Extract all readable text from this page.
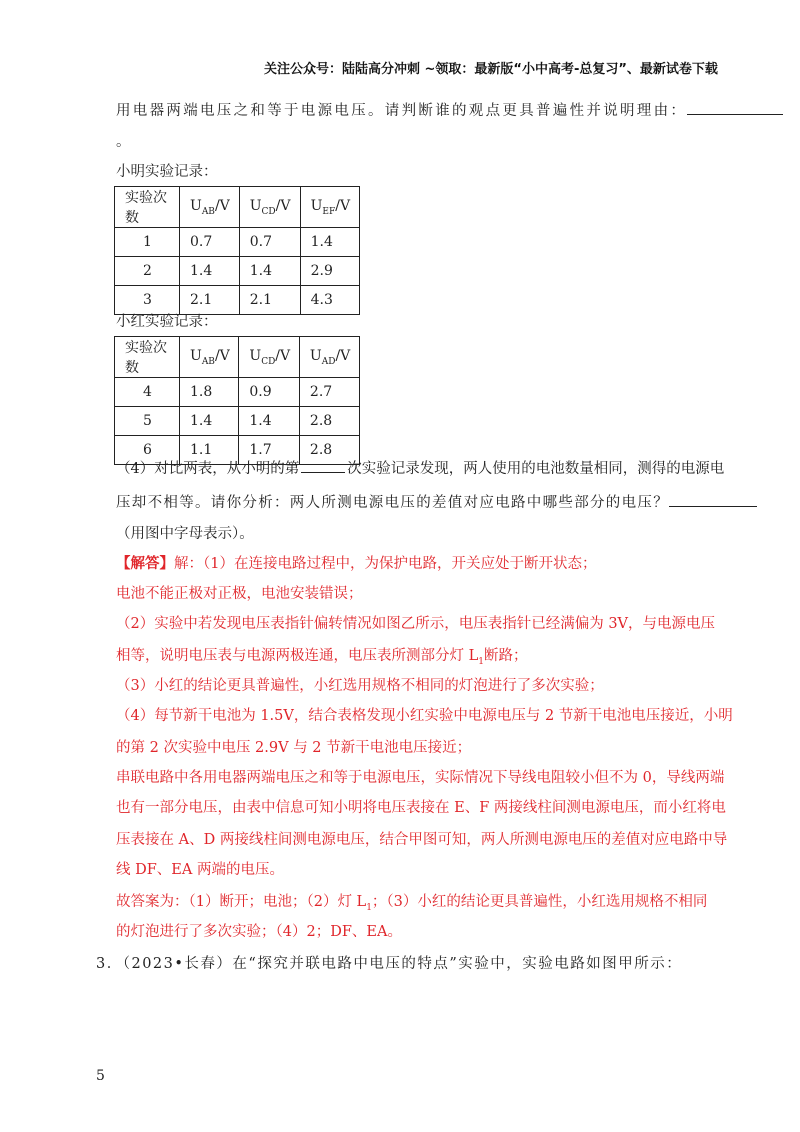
关注公众号：陆陆高分冲刺 ~领取：最新版“小中高考-总复习”、最新试卷下载
用电器两端电压之和等于电源电压。请判断谁的观点更具普遍性并说明理由：
。
小明实验记录：
实验次数	$U_{AB}/V$	$U_{CD}/V$	$U_{EF}/V$
1	0.7	0.7	1.4
2	1.4	1.4	2.9
3	2.1	2.1	4.3
小红实验记录：
实验次数	$U_{AB}/V$	$U_{CD}/V$	$U_{AD}/V$
4	1.8	0.9	2.7
5	1.4	1.4	2.8
6	1.1	1.7	2.8
（4）对比两表，从小明的第	次实验记录发现，两人使用的电池数量相同，测得的电源电
压却不相等。请你分析：两人所测电源电压的差值对应电路中哪些部分的电压？
（用图中字母表示）。
【解答】解：（1）在连接电路过程中，为保护电路，开关应处于断开状态；
电池不能正极对正极，电池安装错误；
（2）实验中若发现电压表指针偏转情况如图乙所示，电压表指针已经满偏为 3V，与电源电压
相等，说明电压表与电源两极连通，电压表所测部分灯 $L_1$断路；
（3）小红的结论更具普遍性，小红选用规格不相同的灯泡进行了多次实验；
（4）每节新干电池为 1.5V，结合表格发现小红实验中电源电压与 2 节新干电池电压接近，小明
的第 2 次实验中电压 2.9V 与 2 节新干电池电压接近；
串联电路中各用电器两端电压之和等于电源电压，实际情况下导线电阻较小但不为 0，导线两端
也有一部分电压，由表中信息可知小明将电压表接在 E、F 两接线柱间测电源电压，而小红将电
压表接在 A、D 两接线柱间测电源电压，结合甲图可知，两人所测电源电压的差值对应电路中导
线 DF、EA 两端的电压。
故答案为：（1）断开；电池；（2）灯 $L_1$；（3）小红的结论更具普遍性，小红选用规格不相同
的灯泡进行了多次实验；（4）2；DF、EA。
3．（2023•长春）在“探究并联电路中电压的特点”实验中，实验电路如图甲所示：
5
